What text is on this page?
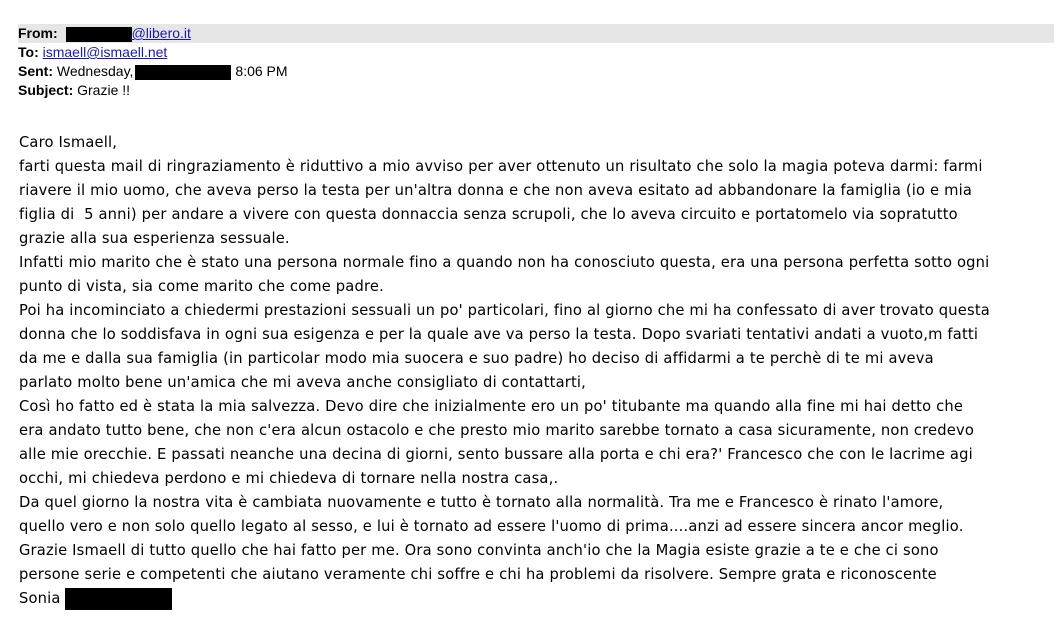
From:	@libero.it
To: ismaell@ismaell.net
Sent: Wednesday,	8:06 PM
Subject: Grazie !!
Caro Ismaell,
farti questa mail di ringraziamento è riduttivo a mio avviso per aver ottenuto un risultato che solo la magia poteva darmi: farmi
riavere il mio uomo, che aveva perso la testa per un'altra donna e che non aveva esitato ad abbandonare la famiglia (io e mia
figlia di  5 anni) per andare a vivere con questa donnaccia senza scrupoli, che lo aveva circuito e portatomelo via sopratutto
grazie alla sua esperienza sessuale.
Infatti mio marito che è stato una persona normale fino a quando non ha conosciuto questa, era una persona perfetta sotto ogni
punto di vista, sia come marito che come padre.
Poi ha incominciato a chiedermi prestazioni sessuali un po' particolari, fino al giorno che mi ha confessato di aver trovato questa
donna che lo soddisfava in ogni sua esigenza e per la quale ave va perso la testa. Dopo svariati tentativi andati a vuoto,m fatti
da me e dalla sua famiglia (in particolar modo mia suocera e suo padre) ho deciso di affidarmi a te perchè di te mi aveva
parlato molto bene un'amica che mi aveva anche consigliato di contattarti,
Così ho fatto ed è stata la mia salvezza. Devo dire che inizialmente ero un po' titubante ma quando alla fine mi hai detto che
era andato tutto bene, che non c'era alcun ostacolo e che presto mio marito sarebbe tornato a casa sicuramente, non credevo
alle mie orecchie. E passati neanche una decina di giorni, sento bussare alla porta e chi era?' Francesco che con le lacrime agi
occhi, mi chiedeva perdono e mi chiedeva di tornare nella nostra casa,.
Da quel giorno la nostra vita è cambiata nuovamente e tutto è tornato alla normalità. Tra me e Francesco è rinato l'amore,
quello vero e non solo quello legato al sesso, e lui è tornato ad essere l'uomo di prima....anzi ad essere sincera ancor meglio.
Grazie Ismaell di tutto quello che hai fatto per me. Ora sono convinta anch'io che la Magia esiste grazie a te e che ci sono
persone serie e competenti che aiutano veramente chi soffre e chi ha problemi da risolvere. Sempre grata e riconoscente
Sonia
